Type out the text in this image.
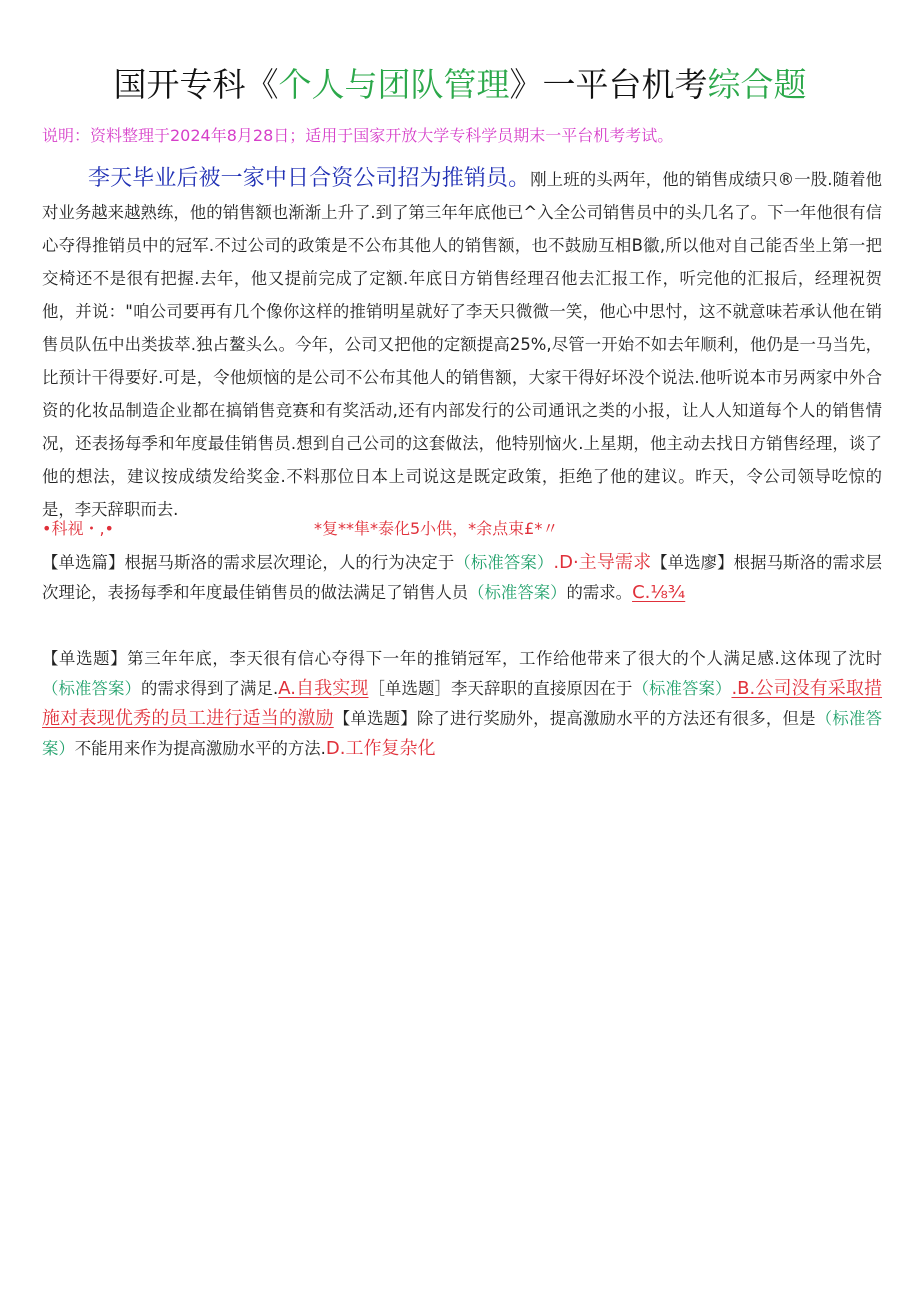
国开专科《个人与团队管理》一平台机考综合题
说明：资料整理于2024年8月28日；适用于国家开放大学专科学员期末一平台机考考试。
李天毕业后被一家中日合资公司招为推销员。刚上班的头两年，他的销售成绩只®一股.随着他对业务越来越熟练，他的销售额也渐渐上升了.到了第三年年底他已^入全公司销售员中的头几名了。下一年他很有信心夺得推销员中的冠军.不过公司的政策是不公布其他人的销售额，也不鼓励互相B徽,所以他对自己能否坐上第一把交椅还不是很有把握.去年，他又提前完成了定额.年底日方销售经理召他去汇报工作，听完他的汇报后，经理祝贺他，并说："咱公司要再有几个像你这样的推销明星就好了李天只微微一笑，他心中思忖，这不就意味若承认他在销售员队伍中出类拔萃.独占鳌头么。今年，公司又把他的定额提高25%,尽管一开始不如去年顺利，他仍是一马当先，比预计干得要好.可是，令他烦恼的是公司不公布其他人的销售额，大家干得好坏没个说法.他听说本市另两家中外合资的化妆品制造企业都在搞销售竞赛和有奖活动,还有内部发行的公司通讯之类的小报，让人人知道每个人的销售情况，还表扬每季和年度最佳销售员.想到自己公司的这套做法，他特别恼火.上星期，他主动去找日方销售经理，谈了他的想法，建议按成绩发给奖金.不料那位日本上司说这是既定政策，拒绝了他的建议。昨天，令公司领导吃惊的是，李天辞职而去.
•科视・,•	*复**隼*泰化5小供，*余点束£*〃
【单选篇】根据马斯洛的需求层次理论，人的行为决定于（标准答案）.D·主导需求【单选廖】根据马斯洛的需求层次理论，表扬每季和年度最佳销售员的做法满足了销售人员（标准答案）的需求。C.⅛¾
【单选题】第三年年底，李天很有信心夺得下一年的推销冠军，工作给他带来了很大的个人满足感.这体现了沈时（标准答案）的需求得到了满足.A.自我实现［单选题］李天辞职的直接原因在于（标准答案）.B.公司没有采取措施对表现优秀的员工进行适当的激励【单选题】除了进行奖励外，提高激励水平的方法还有很多，但是（标准答案）不能用来作为提高激励水平的方法.D.工作复杂化
